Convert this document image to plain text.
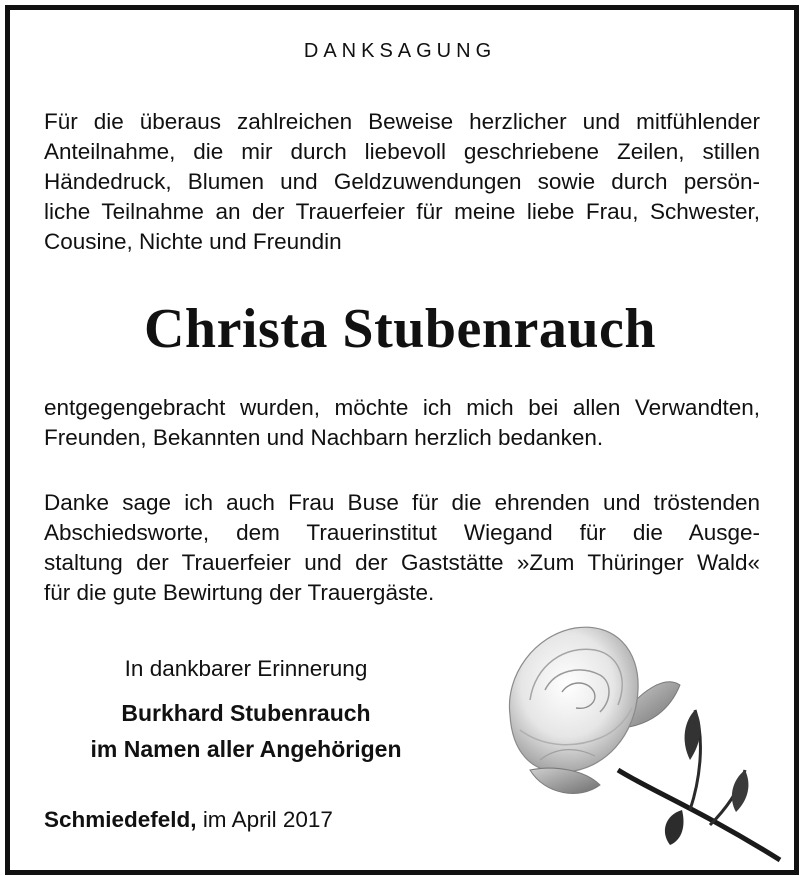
DANKSAGUNG

Für die überaus zahlreichen Beweise herzlicher und mitfühlender
Anteilnahme, die mir durch liebevoll geschriebene Zeilen, stillen
Händedruck, Blumen und Geldzuwendungen sowie durch persön-
liche Teilnahme an der Trauerfeier für meine liebe Frau, Schwester,
Cousine, Nichte und Freundin

Christa Stubenrauch

entgegengebracht wurden, möchte ich mich bei allen Verwandten,
Freunden, Bekannten und Nachbarn herzlich bedanken.

Danke sage ich auch Frau Buse für die ehrenden und tröstenden
Abschiedsworte, dem Trauerinstitut Wiegand für die Ausge-
staltung der Trauerfeier und der Gaststätte »Zum Thüringer Wald«
für die gute Bewirtung der Trauergäste.

In dankbarer Erinnerung
Burkhard Stubenrauch
im Namen aller Angehörigen
Schmiedefeld, im April 2017
